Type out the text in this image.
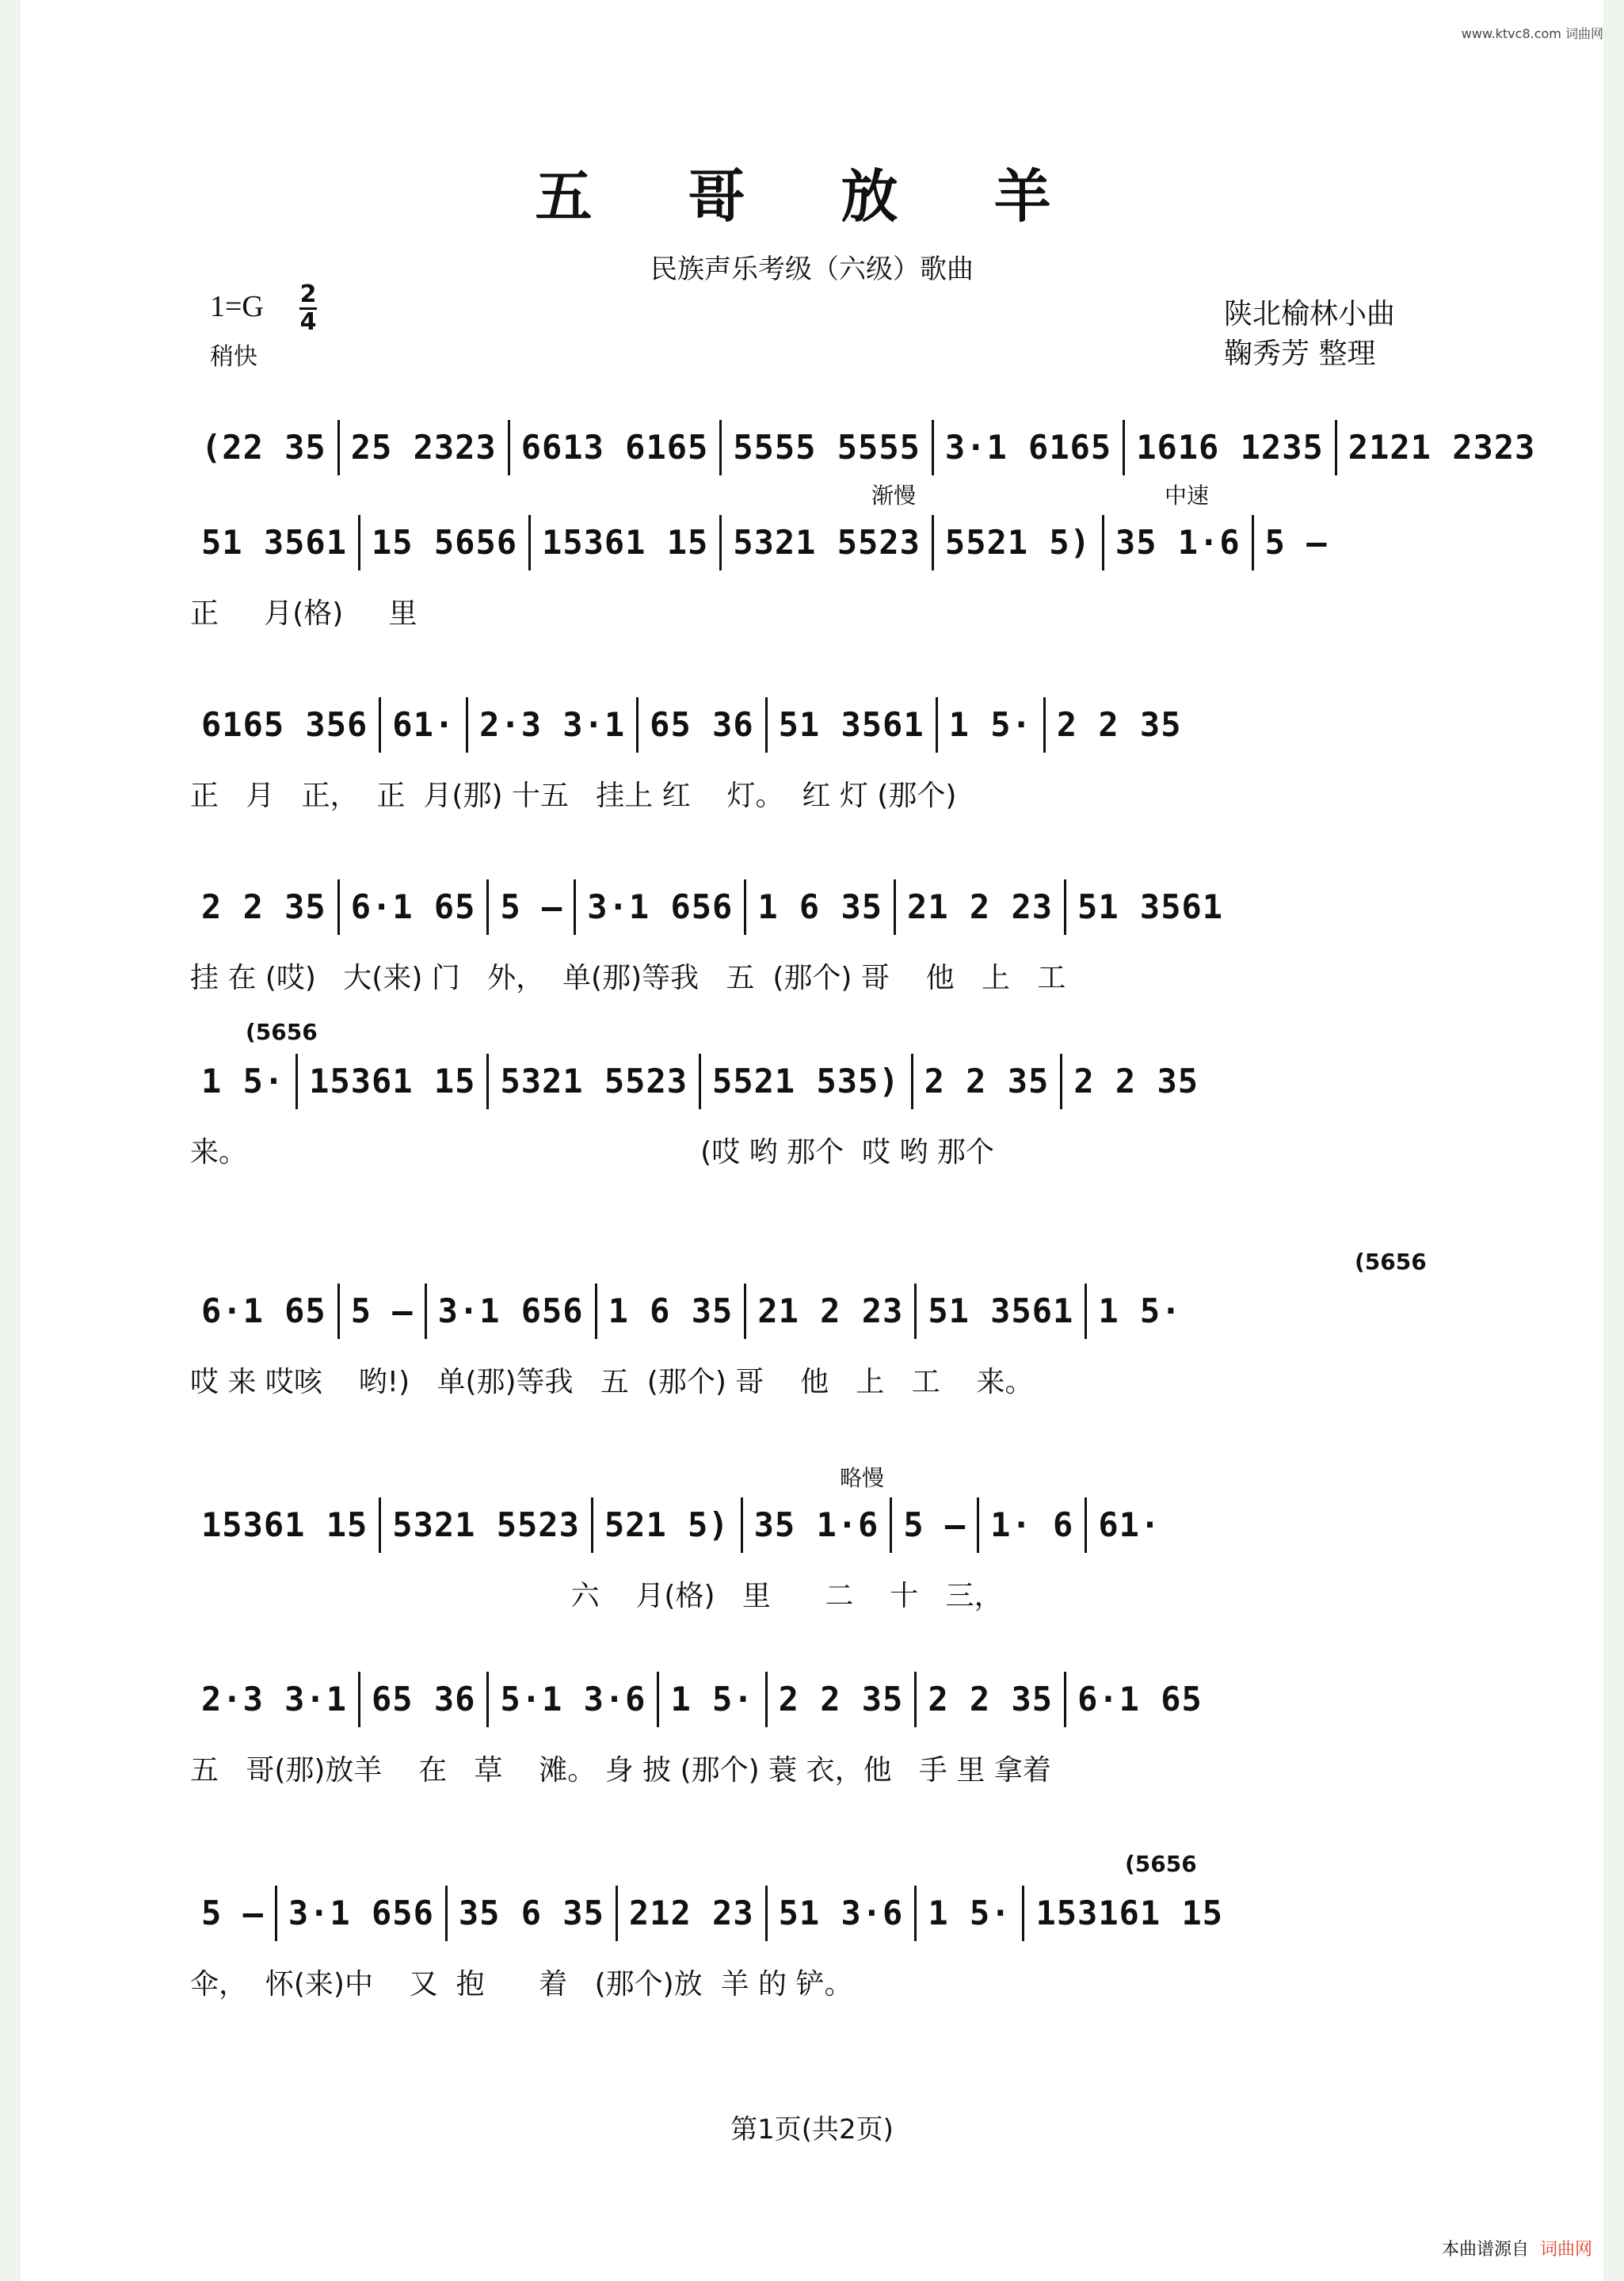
www.ktvc8.com 词曲网
五 哥 放 羊
民族声乐考级（六级）歌曲
1=G 2
4
稍快
陕北榆林小曲
鞠秀芳 整理
(22 35 25 2323 6613 6165 5555 5555 3·1 6165 1616 1235 2121 2323
渐慢	中速
51 3561 15 5656 15361 15 5321 5523 5521 5) 35 1·6 5 –
正     月(格)     里
6165 356 61· 2·3 3·1 65 36 51 3561 1 5· 2 2 35
正   月   正，  正  月(那) 十五   挂上 红    灯。  红 灯 (那个)
2 2 35 6·1 65 5 – 3·1 656 1 6 35 21 2 23 51 3561
挂 在 (哎)   大(来) 门   外，  单(那)等我   五  (那个) 哥    他   上   工
(5656
1 5· 15361 15 5321 5523 5521 535) 2 2 35 2 2 35
来。                                                  (哎 哟 那个  哎 哟 那个
(5656
6·1 65 5 – 3·1 656 1 6 35 21 2 23 51 3561 1 5·
哎 来 哎咳    哟!)   单(那)等我   五  (那个) 哥    他   上   工    来。
略慢
15361 15 5321 5523 521 5) 35 1·6 5 – 1· 6 61·
六    月(格)   里      二    十   三，
2·3 3·1 65 36 5·1 3·6 1 5· 2 2 35 2 2 35 6·1 65
五   哥(那)放羊    在   草    滩。 身 披 (那个) 蓑 衣，他   手 里 拿着
(5656
5 – 3·1 656 35 6 35 212 23 51 3·6 1 5· 153161 15
伞，  怀(来)中    又  抱      着   (那个)放  羊 的 铲。
第1页(共2页)
本曲谱源自 词曲网
